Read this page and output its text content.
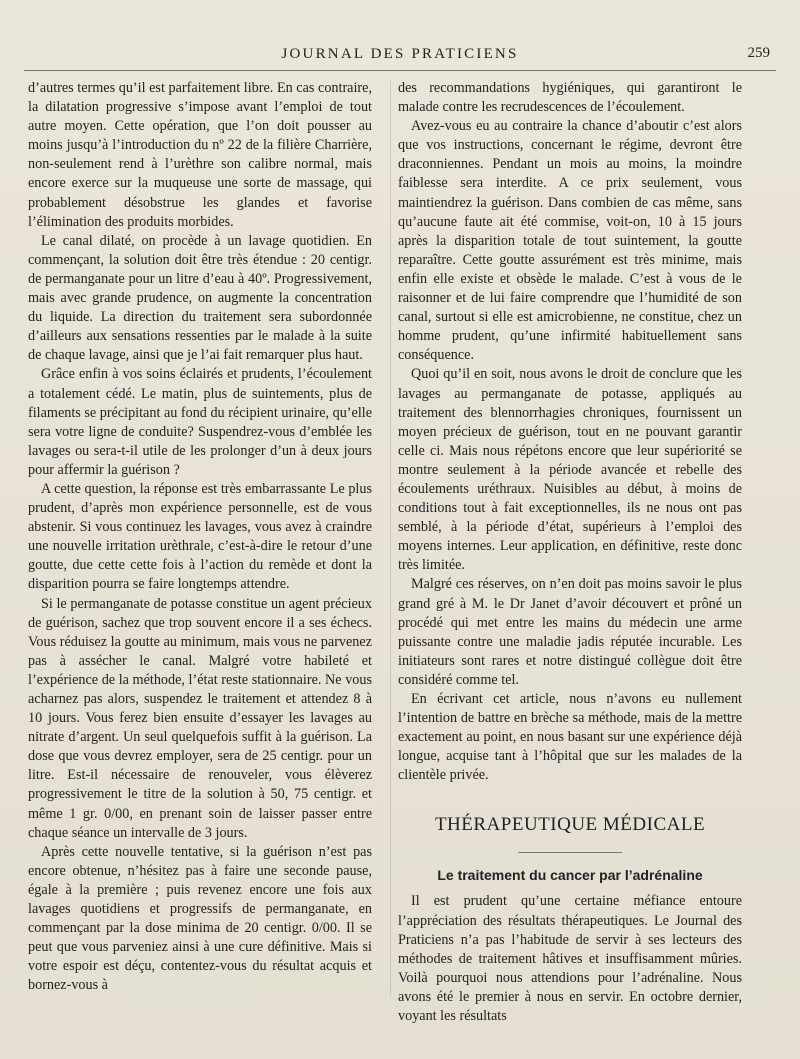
JOURNAL DES PRATICIENS	259

d’autres termes qu’il est parfaitement libre. En cas contraire, la dilatation progressive s’impose avant l’emploi de tout autre moyen. Cette opération, que l’on doit pousser au moins jusqu’à l’introduction du nº 22 de la filière Charrière, non-seulement rend à l’urèthre son calibre normal, mais encore exerce sur la muqueuse une sorte de massage, qui probablement désobstrue les glandes et favorise l’élimination des produits morbides.

Le canal dilaté, on procède à un lavage quotidien. En commençant, la solution doit être très étendue : 20 centigr. de permanganate pour un litre d’eau à 40º. Progressivement, mais avec grande prudence, on augmente la concentration du liquide. La direction du traitement sera subordonnée d’ailleurs aux sensations ressenties par le malade à la suite de chaque lavage, ainsi que je l’ai fait remarquer plus haut.

Grâce enfin à vos soins éclairés et prudents, l’écoulement a totalement cédé. Le matin, plus de suintements, plus de filaments se précipitant au fond du récipient urinaire, qu’elle sera votre ligne de conduite? Suspendrez-vous d’emblée les lavages ou sera-t-il utile de les prolonger d’un à deux jours pour affermir la guérison ?

A cette question, la réponse est très embarrassante Le plus prudent, d’après mon expérience personnelle, est de vous abstenir. Si vous continuez les lavages, vous avez à craindre une nouvelle irritation urèthrale, c’est-à-dire le retour d’une goutte, due cette cette fois à l’action du remède et dont la disparition pourra se faire longtemps attendre.

Si le permanganate de potasse constitue un agent précieux de guérison, sachez que trop souvent encore il a ses échecs. Vous réduisez la goutte au minimum, mais vous ne parvenez pas à assécher le canal. Malgré votre habileté et l’expérience de la méthode, l’état reste stationnaire. Ne vous acharnez pas alors, suspendez le traitement et attendez 8 à 10 jours. Vous ferez bien ensuite d’essayer les lavages au nitrate d’argent. Un seul quelquefois suffit à la guérison. La dose que vous devrez employer, sera de 25 centigr. pour un litre. Est-il nécessaire de renouveler, vous élèverez progressivement le titre de la solution à 50, 75 centigr. et même 1 gr. 0/00, en prenant soin de laisser passer entre chaque séance un intervalle de 3 jours.

Après cette nouvelle tentative, si la guérison n’est pas encore obtenue, n’hésitez pas à faire une seconde pause, égale à la première ; puis revenez encore une fois aux lavages quotidiens et progressifs de permanganate, en commençant par la dose minima de 20 centigr. 0/00. Il se peut que vous parveniez ainsi à une cure définitive. Mais si votre espoir est déçu, contentez-vous du résultat acquis et bornez-vous à

des recommandations hygiéniques, qui garantiront le malade contre les recrudescences de l’écoulement.

Avez-vous eu au contraire la chance d’aboutir c’est alors que vos instructions, concernant le régime, devront être draconniennes. Pendant un mois au moins, la moindre faiblesse sera interdite. A ce prix seulement, vous maintiendrez la guérison. Dans combien de cas même, sans qu’aucune faute ait été commise, voit-on, 10 à 15 jours après la disparition totale de tout suintement, la goutte reparaître. Cette goutte assurément est très minime, mais enfin elle existe et obsède le malade. C’est à vous de le raisonner et de lui faire comprendre que l’humidité de son canal, surtout si elle est amicrobienne, ne constitue, chez un homme prudent, qu’une infirmité habituellement sans conséquence.

Quoi qu’il en soit, nous avons le droit de conclure que les lavages au permanganate de potasse, appliqués au traitement des blennorrhagies chroniques, fournissent un moyen précieux de guérison, tout en ne pouvant garantir celle ci. Mais nous répétons encore que leur supériorité se montre seulement à la période avancée et rebelle des écoulements uréthraux. Nuisibles au début, à moins de conditions tout à fait exceptionnelles, ils ne nous ont pas semblé, à la période d’état, supérieurs à l’emploi des moyens internes. Leur application, en définitive, reste donc très limitée.

Malgré ces réserves, on n’en doit pas moins savoir le plus grand gré à M. le Dr Janet d’avoir découvert et prôné un procédé qui met entre les mains du médecin une arme puissante contre une maladie jadis réputée incurable. Les initiateurs sont rares et notre distingué collègue doit être considéré comme tel.

En écrivant cet article, nous n’avons eu nullement l’intention de battre en brèche sa méthode, mais de la mettre exactement au point, en nous basant sur une expérience déjà longue, acquise tant à l’hôpital que sur les malades de la clientèle privée.

THÉRAPEUTIQUE MÉDICALE
Le traitement du cancer par l’adrénaline

Il est prudent qu’une certaine méfiance entoure l’appréciation des résultats thérapeutiques. Le Journal des Praticiens n’a pas l’habitude de servir à ses lecteurs des méthodes de traitement hâtives et insuffisamment mûries. Voilà pourquoi nous attendions pour l’adrénaline. Nous avons été le premier à nous en servir. En octobre dernier, voyant les résultats
